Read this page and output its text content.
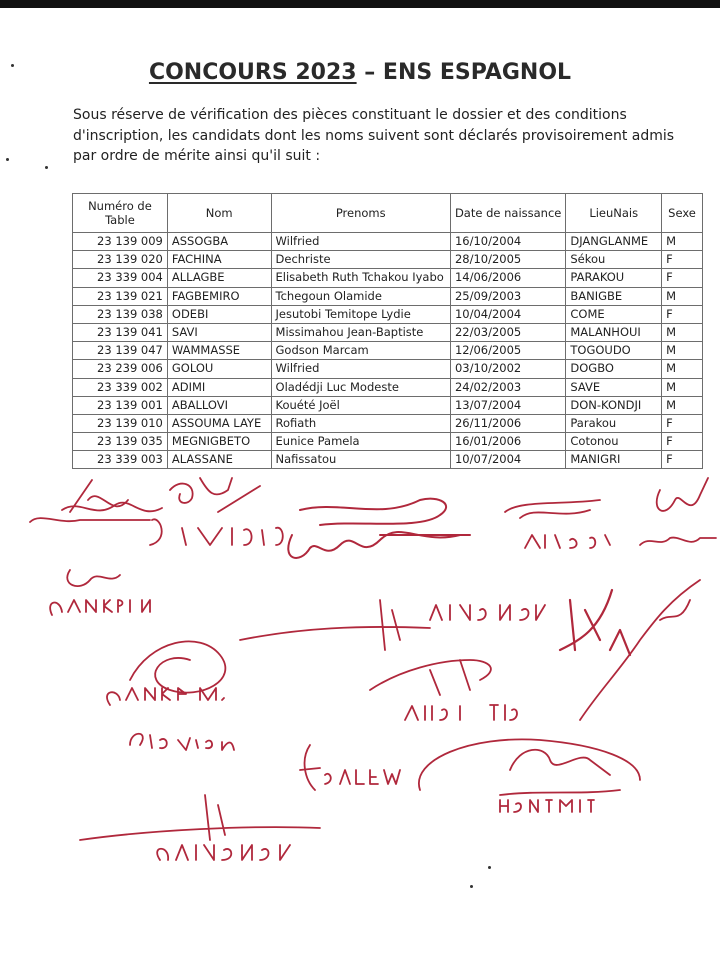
CONCOURS 2023 – ENS ESPAGNOL
Sous réserve de vérification des pièces constituant le dossier et des conditions
d'inscription, les candidats dont les noms suivent sont déclarés provisoirement admis
par ordre de mérite ainsi qu'il suit :
Numéro de Table	Nom	Prenoms	Date de naissance	LieuNais	Sexe
23 139 009	ASSOGBA	Wilfried	16/10/2004	DJANGLANME	M
23 139 020	FACHINA	Dechriste	28/10/2005	Sékou	F
23 339 004	ALLAGBE	Elisabeth Ruth Tchakou Iyabo	14/06/2006	PARAKOU	F
23 139 021	FAGBEMIRO	Tchegoun Olamide	25/09/2003	BANIGBE	M
23 139 038	ODEBI	Jesutobi Temitope Lydie	10/04/2004	COME	F
23 139 041	SAVI	Missimahou Jean-Baptiste	22/03/2005	MALANHOUI	M
23 139 047	WAMMASSE	Godson Marcam	12/06/2005	TOGOUDO	M
23 239 006	GOLOU	Wilfried	03/10/2002	DOGBO	M
23 339 002	ADIMI	Oladédji Luc Modeste	24/02/2003	SAVE	M
23 139 001	ABALLOVI	Kouété Joël	13/07/2004	DON-KONDJI	M
23 139 010	ASSOUMA LAYE	Rofiath	26/11/2006	Parakou	F
23 139 035	MEGNIGBETO	Eunice Pamela	16/01/2006	Cotonou	F
23 339 003	ALASSANE	Nafissatou	10/07/2004	MANIGRI	F
